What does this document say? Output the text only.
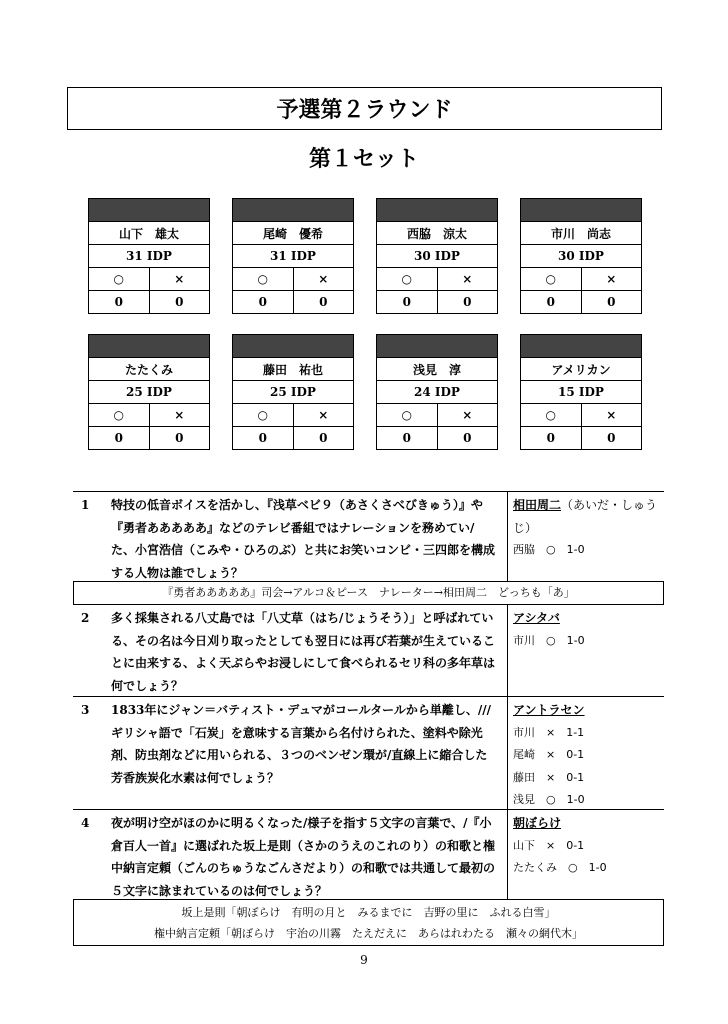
予選第２ラウンド
第１セット
山下　雄太
31 IDP
○	×
0	0
尾崎　優希
31 IDP
○	×
0	0
西脇　涼太
30 IDP
○	×
0	0
市川　尚志
30 IDP
○	×
0	0
たたくみ
25 IDP
○	×
0	0
藤田　祐也
25 IDP
○	×
0	0
浅見　淳
24 IDP
○	×
0	0
アメリカン
15 IDP
○	×
0	0
1 特技の低音ボイスを活かし、『浅草ベビ９（あさくさべびきゅう）』や『勇者あああああ』などのテレビ番組ではナレーションを務めてい/た、小宮浩信（こみや・ひろのぶ）と共にお笑いコンビ・三四郎を構成する人物は誰でしょう？
相田周二（あいだ・しゅうじ）
西脇　○　1-0
『勇者あああああ』司会→アルコ＆ピース　ナレーター→相田周二　どっちも「あ」
2 多く採集される八丈島では「八丈草（はち/じょうそう）」と呼ばれている、その名は今日刈り取ったとしても翌日には再び若葉が生えていることに由来する、よく天ぷらやお浸しにして食べられるセリ科の多年草は何でしょう？
アシタバ
市川　○　1-0
3 1833年にジャン＝バティスト・デュマがコールタールから単離し、///ギリシャ語で「石炭」を意味する言葉から名付けられた、塗料や除光剤、防虫剤などに用いられる、３つのベンゼン環が/直線上に縮合した芳香族炭化水素は何でしょう？
アントラセン
市川　×　1-1
尾崎　×　0-1
藤田　×　0-1
浅見　○　1-0
4 夜が明け空がほのかに明るくなった/様子を指す５文字の言葉で、/『小倉百人一首』に選ばれた坂上是則（さかのうえのこれのり）の和歌と権中納言定頼（ごんのちゅうなごんさだより）の和歌では共通して最初の５文字に詠まれているのは何でしょう？
朝ぼらけ
山下　×　0-1
たたくみ　○　1-0
坂上是則「朝ぼらけ　有明の月と　みるまでに　吉野の里に　ふれる白雪」
権中納言定頼「朝ぼらけ　宇治の川霧　たえだえに　あらはれわたる　瀬々の網代木」
9
